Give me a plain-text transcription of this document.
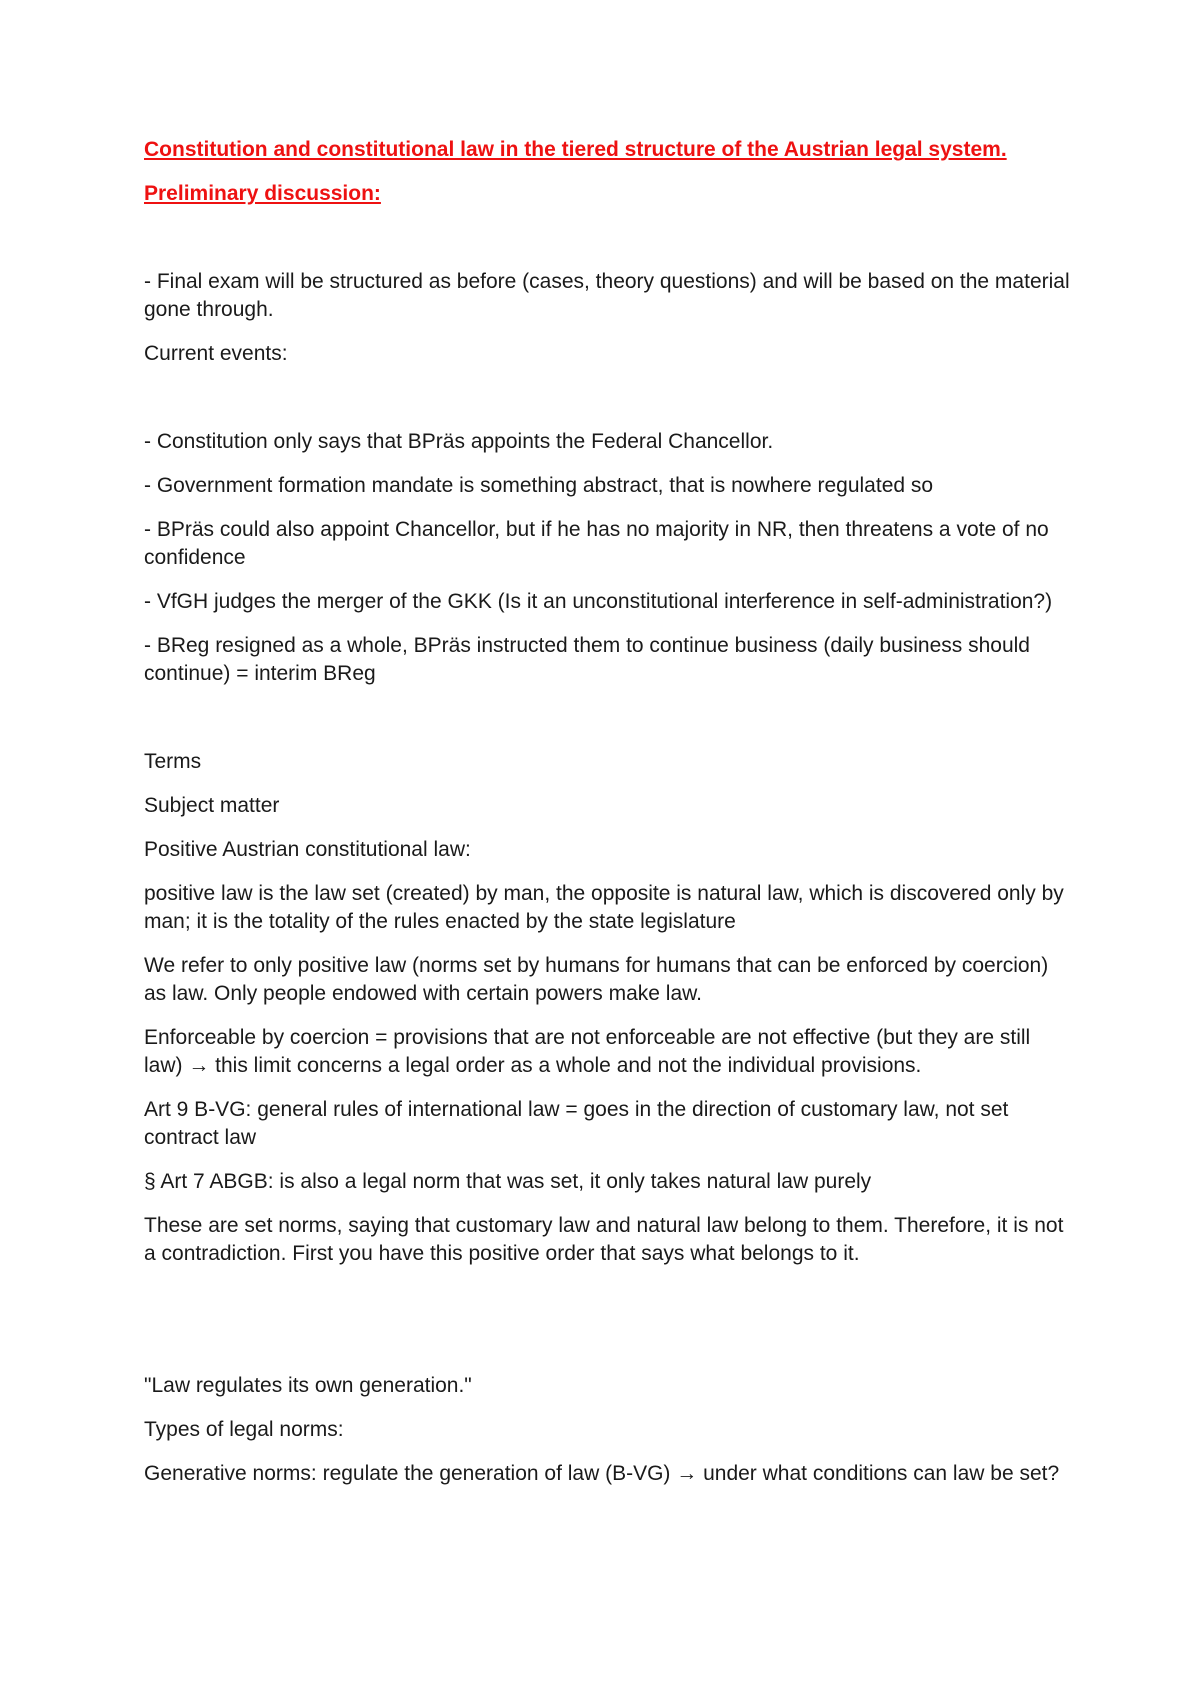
Constitution and constitutional law in the tiered structure of the Austrian legal system.

Preliminary discussion:

- Final exam will be structured as before (cases, theory questions) and will be based on the material gone through.

Current events:

- Constitution only says that BPräs appoints the Federal Chancellor.

- Government formation mandate is something abstract, that is nowhere regulated so

- BPräs could also appoint Chancellor, but if he has no majority in NR, then threatens a vote of no confidence

- VfGH judges the merger of the GKK (Is it an unconstitutional interference in self-administration?)

- BReg resigned as a whole, BPräs instructed them to continue business (daily business should continue) = interim BReg

Terms

Subject matter

Positive Austrian constitutional law:

positive law is the law set (created) by man, the opposite is natural law, which is discovered only by man; it is the totality of the rules enacted by the state legislature

We refer to only positive law (norms set by humans for humans that can be enforced by coercion) as law. Only people endowed with certain powers make law.

Enforceable by coercion = provisions that are not enforceable are not effective (but they are still law) → this limit concerns a legal order as a whole and not the individual provisions.

Art 9 B-VG: general rules of international law = goes in the direction of customary law, not set contract law

§ Art 7 ABGB: is also a legal norm that was set, it only takes natural law purely

These are set norms, saying that customary law and natural law belong to them. Therefore, it is not a contradiction. First you have this positive order that says what belongs to it.

"Law regulates its own generation."

Types of legal norms:

Generative norms: regulate the generation of law (B-VG) → under what conditions can law be set?
